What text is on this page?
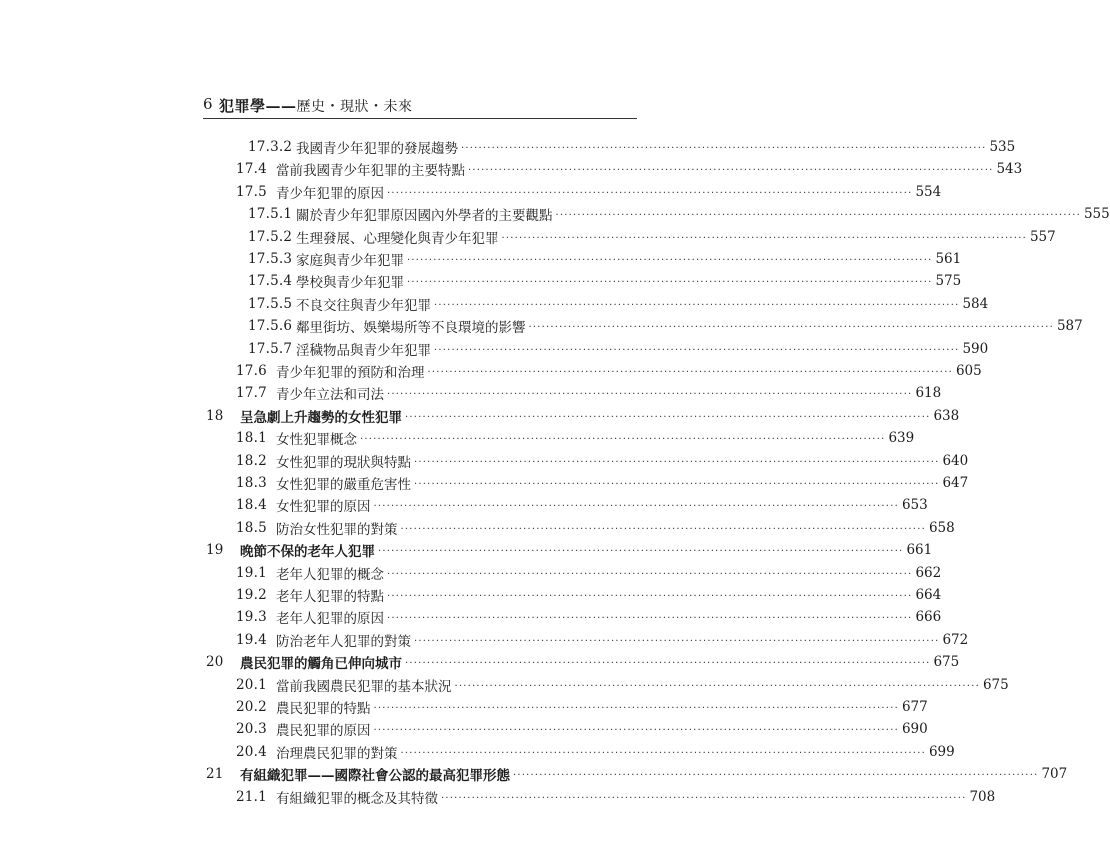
6 犯罪學——歷史・現狀・未來
17.3.2 我國青少年犯罪的發展趨勢 ························································································································ 535
17.4 當前我國青少年犯罪的主要特點 ························································································································ 543
17.5 青少年犯罪的原因 ························································································································ 554
17.5.1 關於青少年犯罪原因國內外學者的主要觀點 ························································································································ 555
17.5.2 生理發展、心理變化與青少年犯罪 ························································································································ 557
17.5.3 家庭與青少年犯罪 ························································································································ 561
17.5.4 學校與青少年犯罪 ························································································································ 575
17.5.5 不良交往與青少年犯罪 ························································································································ 584
17.5.6 鄰里街坊、娛樂場所等不良環境的影響 ························································································································ 587
17.5.7 淫穢物品與青少年犯罪 ························································································································ 590
17.6 青少年犯罪的預防和治理 ························································································································ 605
17.7 青少年立法和司法 ························································································································ 618
18	呈急劇上升趨勢的女性犯罪 ························································································································ 638
18.1 女性犯罪概念 ························································································································ 639
18.2 女性犯罪的現狀與特點 ························································································································ 640
18.3 女性犯罪的嚴重危害性 ························································································································ 647
18.4 女性犯罪的原因 ························································································································ 653
18.5 防治女性犯罪的對策 ························································································································ 658
19	晚節不保的老年人犯罪 ························································································································ 661
19.1 老年人犯罪的概念 ························································································································ 662
19.2 老年人犯罪的特點 ························································································································ 664
19.3 老年人犯罪的原因 ························································································································ 666
19.4 防治老年人犯罪的對策 ························································································································ 672
20	農民犯罪的觸角已伸向城市 ························································································································ 675
20.1 當前我國農民犯罪的基本狀況 ························································································································ 675
20.2 農民犯罪的特點 ························································································································ 677
20.3 農民犯罪的原因 ························································································································ 690
20.4 治理農民犯罪的對策 ························································································································ 699
21	有組織犯罪——國際社會公認的最高犯罪形態 ························································································································ 707
21.1 有組織犯罪的概念及其特徵 ························································································································ 708
